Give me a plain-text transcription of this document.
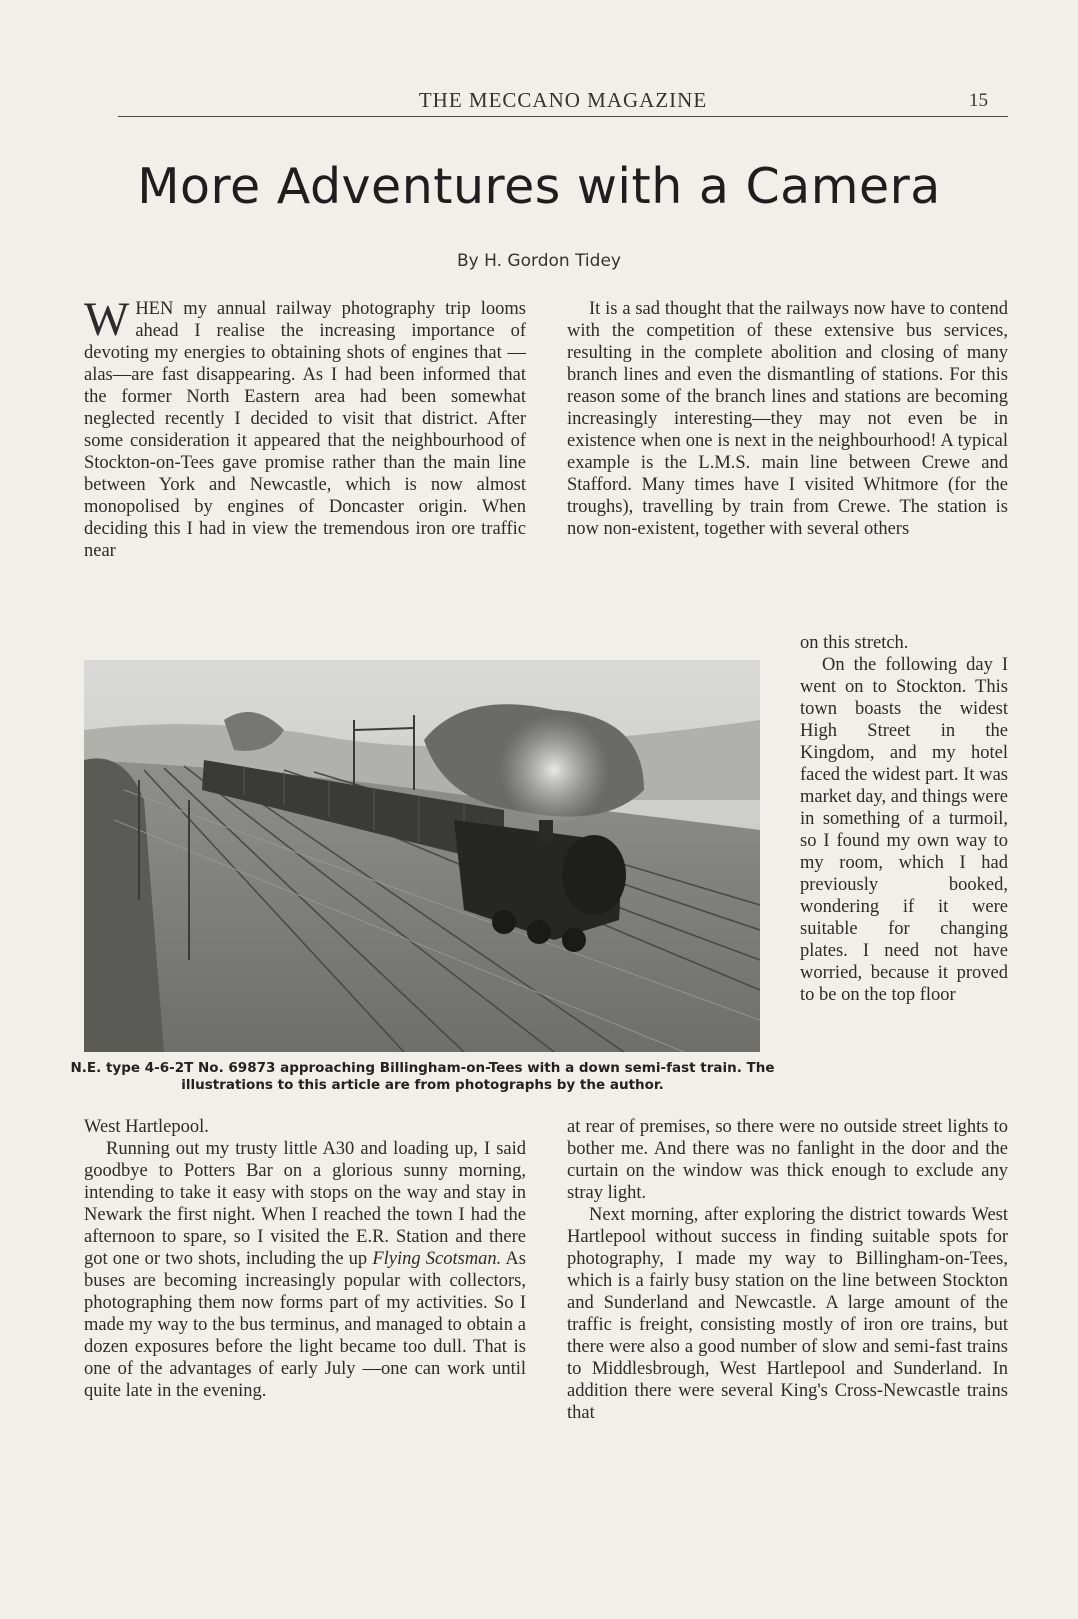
THE MECCANO MAGAZINE	15
More Adventures with a Camera
By H. Gordon Tidey

WHEN my annual railway photography trip looms ahead I realise the increasing importance of devoting my energies to obtaining shots of engines that —alas—are fast disappearing. As I had been informed that the former North Eastern area had been somewhat neglected recently I decided to visit that district. After some consideration it appeared that the neighbourhood of Stockton-on-Tees gave promise rather than the main line between York and Newcastle, which is now almost monopolised by engines of Doncaster origin. When deciding this I had in view the tremendous iron ore traffic near

It is a sad thought that the railways now have to contend with the competition of these extensive bus services, resulting in the complete abolition and closing of many branch lines and even the dismantling of stations. For this reason some of the branch lines and stations are becoming increasingly interesting—they may not even be in existence when one is next in the neighbourhood! A typical example is the L.M.S. main line between Crewe and Stafford. Many times have I visited Whitmore (for the troughs), travelling by train from Crewe. The station is now non-existent, together with several others

N.E. type 4-6-2T No. 69873 approaching Billingham-on-Tees with a down semi-fast train. The illustrations to this article are from photographs by the author.

on this stretch.

On the following day I went on to Stockton. This town boasts the widest High Street in the Kingdom, and my hotel faced the widest part. It was market day, and things were in something of a turmoil, so I found my own way to my room, which I had previously booked, wondering if it were suitable for changing plates. I need not have worried, because it proved to be on the top floor

West Hartlepool.

Running out my trusty little A30 and loading up, I said goodbye to Potters Bar on a glorious sunny morning, intending to take it easy with stops on the way and stay in Newark the first night. When I reached the town I had the afternoon to spare, so I visited the E.R. Station and there got one or two shots, including the up Flying Scotsman. As buses are becoming increasingly popular with collectors, photographing them now forms part of my activities. So I made my way to the bus terminus, and managed to obtain a dozen exposures before the light became too dull. That is one of the advantages of early July —one can work until quite late in the evening.

at rear of premises, so there were no outside street lights to bother me. And there was no fanlight in the door and the curtain on the window was thick enough to exclude any stray light.

Next morning, after exploring the district towards West Hartlepool without success in finding suitable spots for photography, I made my way to Billingham-on-Tees, which is a fairly busy station on the line between Stockton and Sunderland and Newcastle. A large amount of the traffic is freight, consisting mostly of iron ore trains, but there were also a good number of slow and semi-fast trains to Middlesbrough, West Hartlepool and Sunderland. In addition there were several King's Cross-Newcastle trains that
